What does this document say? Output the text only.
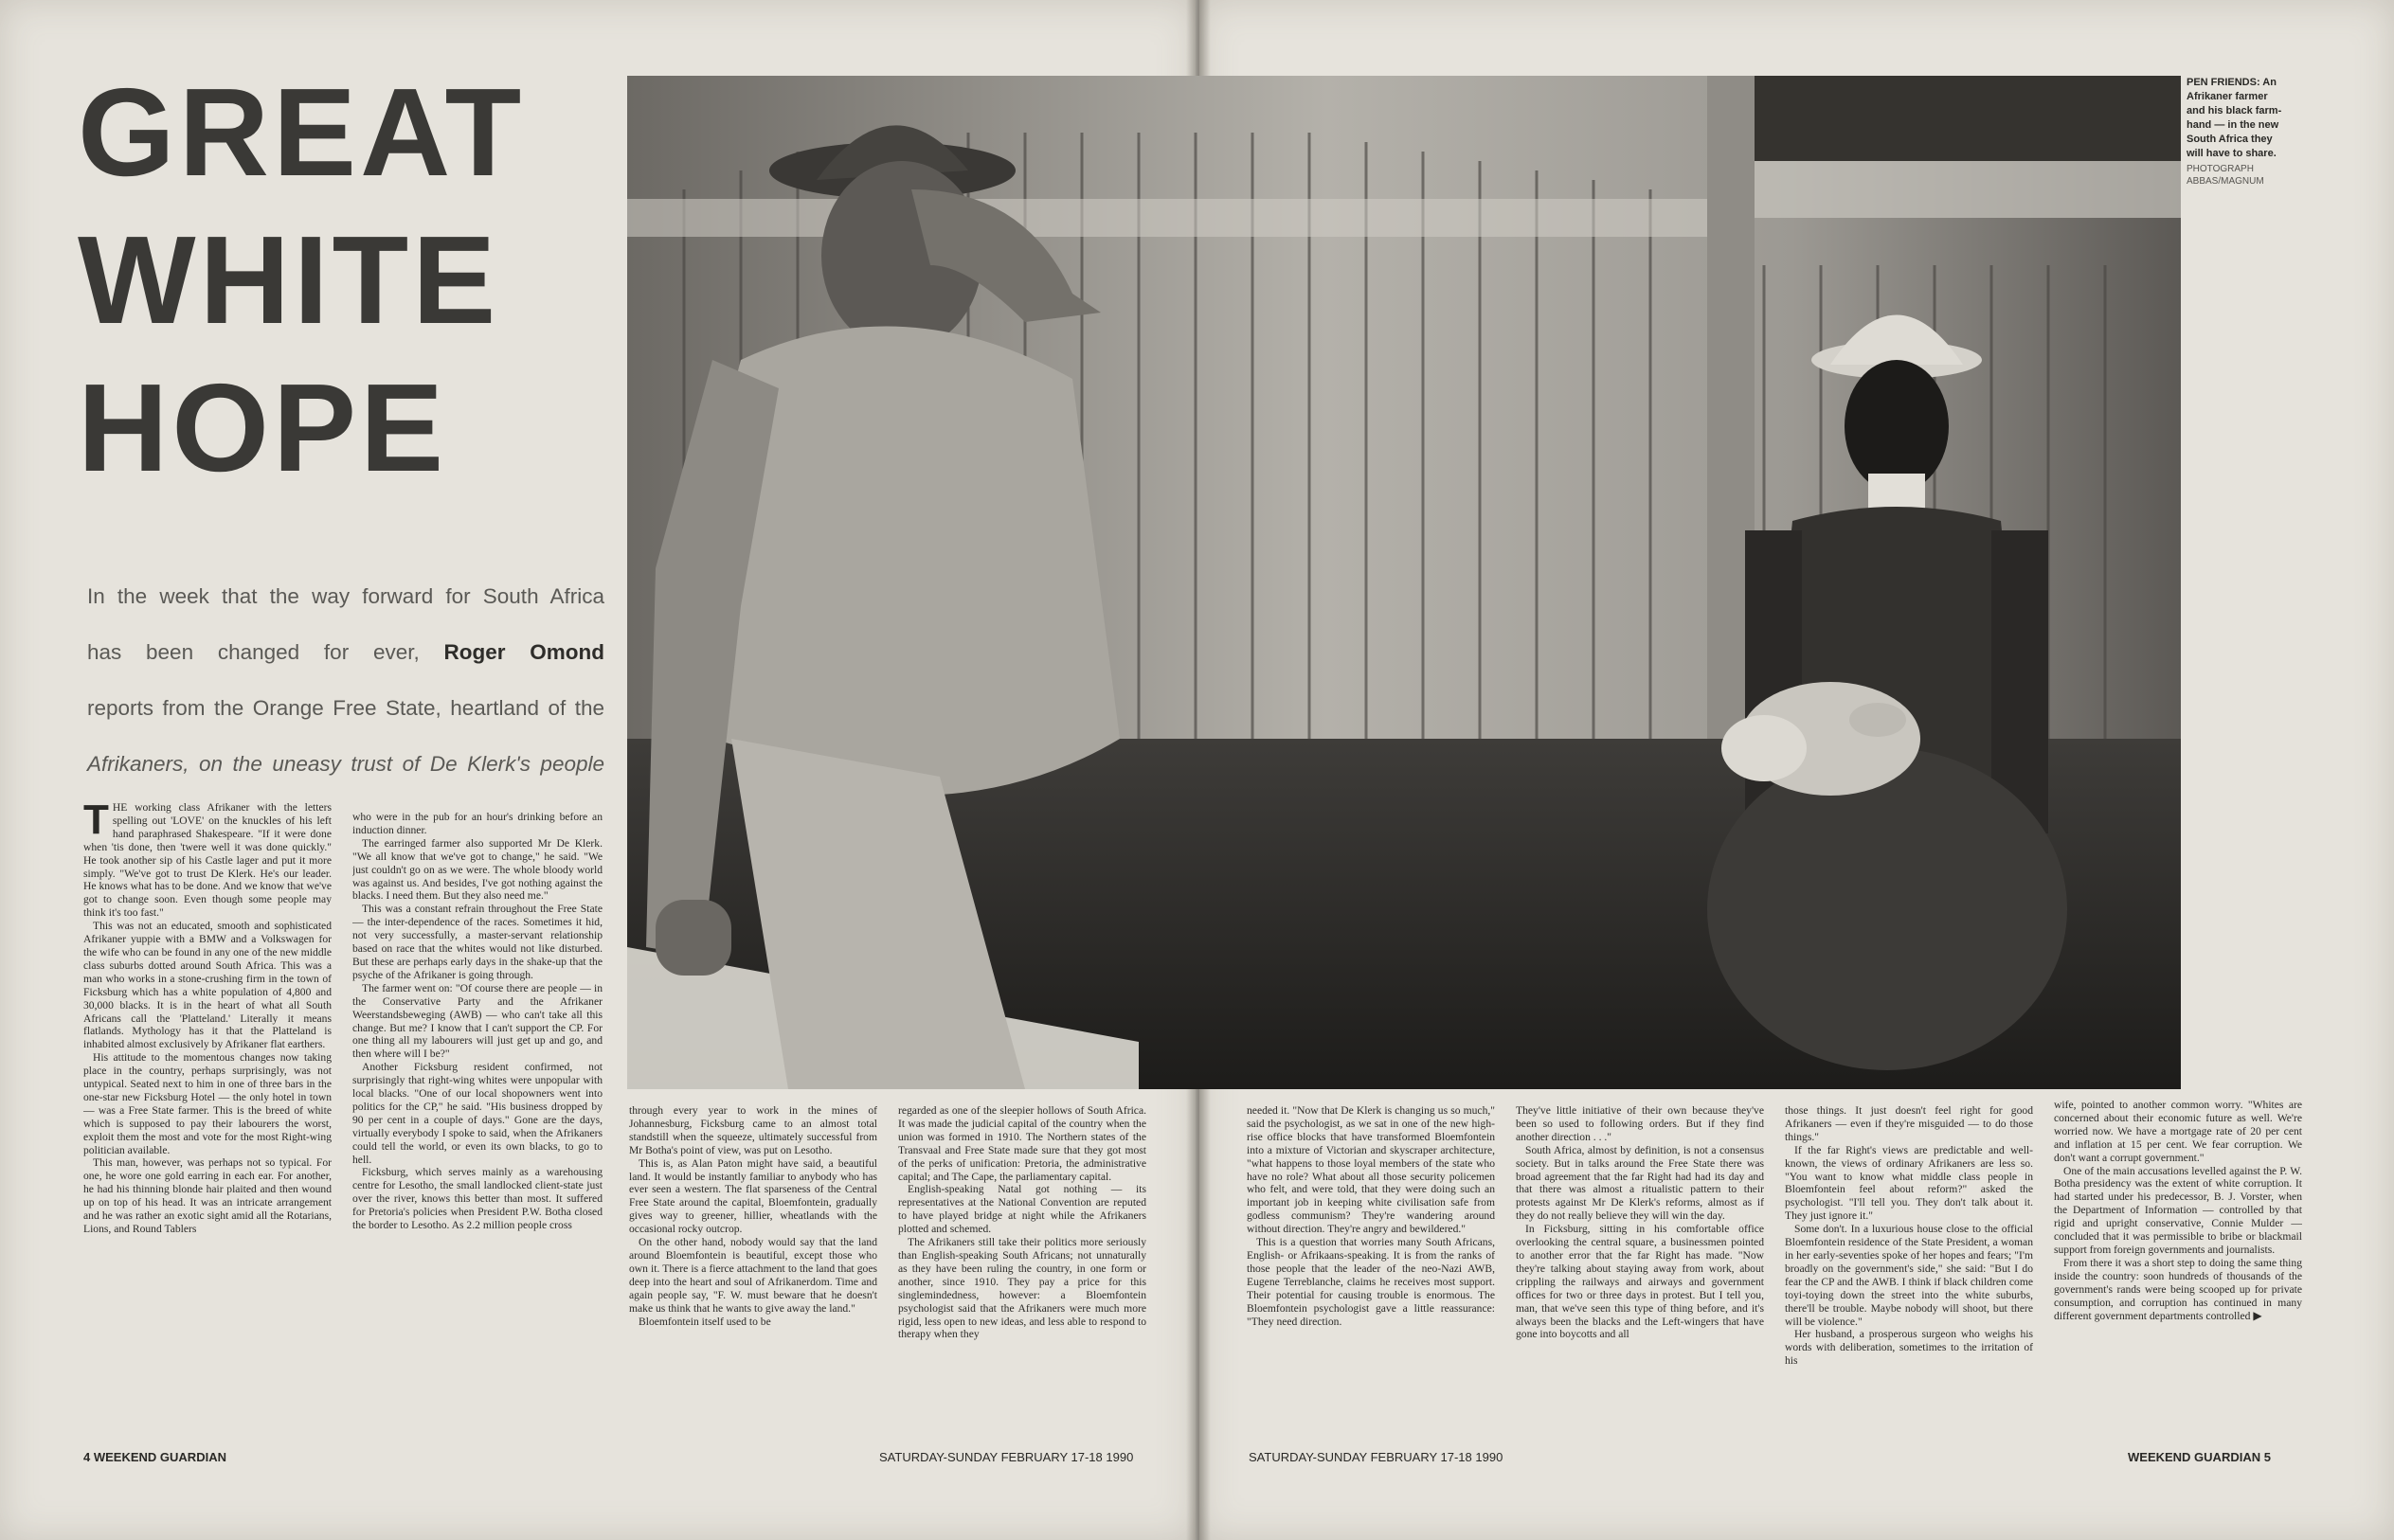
GREAT
WHITE
HOPE
In the week that the way forward for South Africa
has been changed for ever, Roger Omond
reports from the Orange Free State, heartland of the
Afrikaners, on the uneasy trust of De Klerk's people

THE working class Afrikaner with the letters spelling out 'LOVE' on the knuckles of his left hand paraphrased Shakespeare. "If it were done when 'tis done, then 'twere well it was done quickly." He took another sip of his Castle lager and put it more simply. "We've got to trust De Klerk. He's our leader. He knows what has to be done. And we know that we've got to change soon. Even though some people may think it's too fast."

This was not an educated, smooth and sophisticated Afrikaner yuppie with a BMW and a Volkswagen for the wife who can be found in any one of the new middle class suburbs dotted around South Africa. This was a man who works in a stone-crushing firm in the town of Ficksburg which has a white population of 4,800 and 30,000 blacks. It is in the heart of what all South Africans call the 'Platteland.' Literally it means flatlands. Mythology has it that the Platteland is inhabited almost exclusively by Afrikaner flat earthers.

His attitude to the momentous changes now taking place in the country, perhaps surprisingly, was not untypical. Seated next to him in one of three bars in the one-star new Ficksburg Hotel — the only hotel in town — was a Free State farmer. This is the breed of white which is supposed to pay their labourers the worst, exploit them the most and vote for the most Right-wing politician available.

This man, however, was perhaps not so typical. For one, he wore one gold earring in each ear. For another, he had his thinning blonde hair plaited and then wound up on top of his head. It was an intricate arrangement and he was rather an exotic sight amid all the Rotarians, Lions, and Round Tablers

who were in the pub for an hour's drinking before an induction dinner.

The earringed farmer also supported Mr De Klerk. "We all know that we've got to change," he said. "We just couldn't go on as we were. The whole bloody world was against us. And besides, I've got nothing against the blacks. I need them. But they also need me."

This was a constant refrain throughout the Free State — the inter-dependence of the races. Sometimes it hid, not very successfully, a master-servant relationship based on race that the whites would not like disturbed. But these are perhaps early days in the shake-up that the psyche of the Afrikaner is going through.

The farmer went on: "Of course there are people — in the Conservative Party and the Afrikaner Weerstandsbeweging (AWB) — who can't take all this change. But me? I know that I can't support the CP. For one thing all my labourers will just get up and go, and then where will I be?"

Another Ficksburg resident confirmed, not surprisingly that right-wing whites were unpopular with local blacks. "One of our local shopowners went into politics for the CP," he said. "His business dropped by 90 per cent in a couple of days." Gone are the days, virtually everybody I spoke to said, when the Afrikaners could tell the world, or even its own blacks, to go to hell.

Ficksburg, which serves mainly as a warehousing centre for Lesotho, the small landlocked client-state just over the river, knows this better than most. It suffered for Pretoria's policies when President P.W. Botha closed the border to Lesotho. As 2.2 million people cross

through every year to work in the mines of Johannesburg, Ficksburg came to an almost total standstill when the squeeze, ultimately successful from Mr Botha's point of view, was put on Lesotho.

This is, as Alan Paton might have said, a beautiful land. It would be instantly familiar to anybody who has ever seen a western. The flat sparseness of the Central Free State around the capital, Bloemfontein, gradually gives way to greener, hillier, wheatlands with the occasional rocky outcrop.

On the other hand, nobody would say that the land around Bloemfontein is beautiful, except those who own it. There is a fierce attachment to the land that goes deep into the heart and soul of Afrikanerdom. Time and again people say, "F. W. must beware that he doesn't make us think that he wants to give away the land."

Bloemfontein itself used to be

regarded as one of the sleepier hollows of South Africa. It was made the judicial capital of the country when the union was formed in 1910. The Northern states of the Transvaal and Free State made sure that they got most of the perks of unification: Pretoria, the administrative capital; and The Cape, the parliamentary capital.

English-speaking Natal got nothing — its representatives at the National Convention are reputed to have played bridge at night while the Afrikaners plotted and schemed.

The Afrikaners still take their politics more seriously than English-speaking South Africans; not unnaturally as they have been ruling the country, in one form or another, since 1910. They pay a price for this singlemindedness, however: a Bloemfontein psychologist said that the Afrikaners were much more rigid, less open to new ideas, and less able to respond to therapy when they

needed it. "Now that De Klerk is changing us so much," said the psychologist, as we sat in one of the new high-rise office blocks that have transformed Bloemfontein into a mixture of Victorian and skyscraper architecture, "what happens to those loyal members of the state who have no role? What about all those security policemen who felt, and were told, that they were doing such an important job in keeping white civilisation safe from godless communism? They're wandering around without direction. They're angry and bewildered."

This is a question that worries many South Africans, English- or Afrikaans-speaking. It is from the ranks of those people that the leader of the neo-Nazi AWB, Eugene Terreblanche, claims he receives most support. Their potential for causing trouble is enormous. The Bloemfontein psychologist gave a little reassurance: "They need direction.

They've little initiative of their own because they've been so used to following orders. But if they find another direction . . ."

South Africa, almost by definition, is not a consensus society. But in talks around the Free State there was broad agreement that the far Right had had its day and that there was almost a ritualistic pattern to their protests against Mr De Klerk's reforms, almost as if they do not really believe they will win the day.

In Ficksburg, sitting in his comfortable office overlooking the central square, a businessmen pointed to another error that the far Right has made. "Now they're talking about staying away from work, about crippling the railways and airways and government offices for two or three days in protest. But I tell you, man, that we've seen this type of thing before, and it's always been the blacks and the Left-wingers that have gone into boycotts and all

those things. It just doesn't feel right for good Afrikaners — even if they're misguided — to do those things."

If the far Right's views are predictable and well-known, the views of ordinary Afrikaners are less so. "You want to know what middle class people in Bloemfontein feel about reform?" asked the psychologist. "I'll tell you. They don't talk about it. They just ignore it."

Some don't. In a luxurious house close to the official Bloemfontein residence of the State President, a woman in her early-seventies spoke of her hopes and fears; "I'm broadly on the government's side," she said: "But I do fear the CP and the AWB. I think if black children come toyi-toying down the street into the white suburbs, there'll be trouble. Maybe nobody will shoot, but there will be violence."

Her husband, a prosperous surgeon who weighs his words with deliberation, sometimes to the irritation of his

wife, pointed to another common worry. "Whites are concerned about their economic future as well. We're worried now. We have a mortgage rate of 20 per cent and inflation at 15 per cent. We fear corruption. We don't want a corrupt government."

One of the main accusations levelled against the P. W. Botha presidency was the extent of white corruption. It had started under his predecessor, B. J. Vorster, when the Department of Information — controlled by that rigid and upright conservative, Connie Mulder — concluded that it was permissible to bribe or blackmail support from foreign governments and journalists.

From there it was a short step to doing the same thing inside the country: soon hundreds of thousands of the government's rands were being scooped up for private consumption, and corruption has continued in many different government departments controlled ▶

PEN FRIENDS: An Afrikaner farmer and his black farm-hand — in the new South Africa they will have to share.
PHOTOGRAPH ABBAS/MAGNUM
4 WEEKEND GUARDIAN	SATURDAY-SUNDAY FEBRUARY 17-18 1990	SATURDAY-SUNDAY FEBRUARY 17-18 1990	WEEKEND GUARDIAN 5
